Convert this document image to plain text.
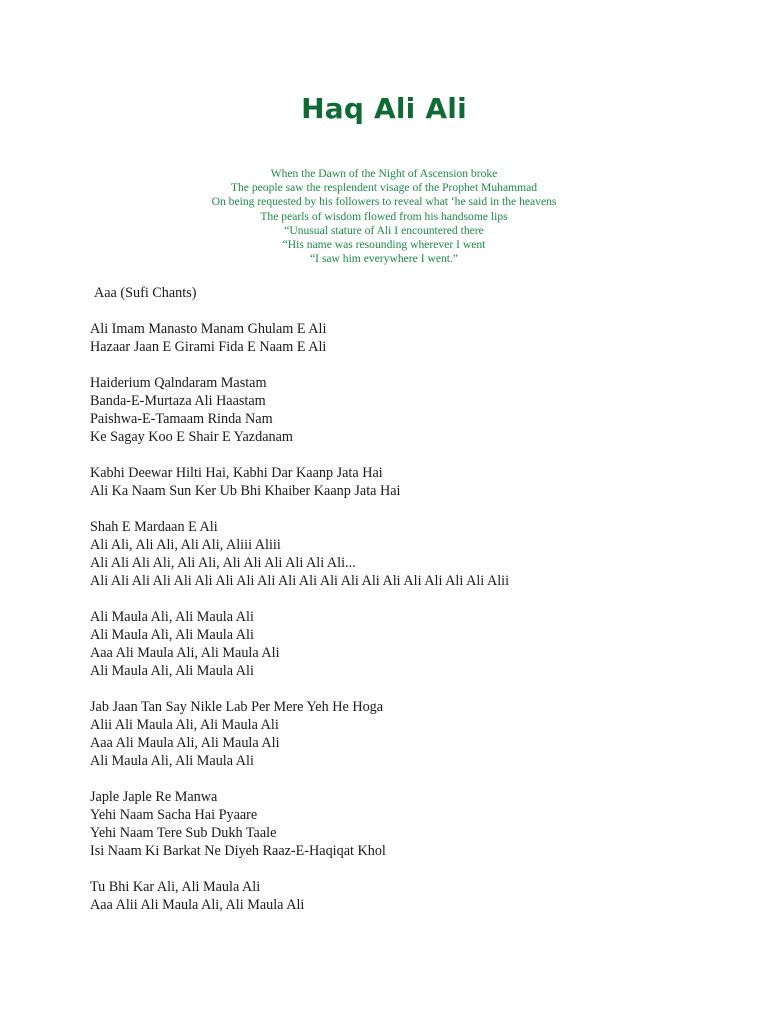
Haq Ali Ali
When the Dawn of the Night of Ascension broke
The people saw the resplendent visage of the Prophet Muhammad
On being requested by his followers to reveal what ‘he said in the heavens
The pearls of wisdom flowed from his handsome lips
“Unusual stature of Ali I encountered there
“His name was resounding wherever I went
“I saw him everywhere I went.”
Aaa (Sufi Chants)
Ali Imam Manasto Manam Ghulam E Ali
Hazaar Jaan E Girami Fida E Naam E Ali
Haiderium Qalndaram Mastam
Banda-E-Murtaza Ali Haastam
Paishwa-E-Tamaam Rinda Nam
Ke Sagay Koo E Shair E Yazdanam
Kabhi Deewar Hilti Hai, Kabhi Dar Kaanp Jata Hai
Ali Ka Naam Sun Ker Ub Bhi Khaiber Kaanp Jata Hai
Shah E Mardaan E Ali
Ali Ali, Ali Ali, Ali Ali, Aliii Aliii
Ali Ali Ali Ali, Ali Ali, Ali Ali Ali Ali Ali Ali...
Ali Ali Ali Ali Ali Ali Ali Ali Ali Ali Ali Ali Ali Ali Ali Ali Ali Ali Ali Alii
Ali Maula Ali, Ali Maula Ali
Ali Maula Ali, Ali Maula Ali
Aaa Ali Maula Ali, Ali Maula Ali
Ali Maula Ali, Ali Maula Ali
Jab Jaan Tan Say Nikle Lab Per Mere Yeh He Hoga
Alii Ali Maula Ali, Ali Maula Ali
Aaa Ali Maula Ali, Ali Maula Ali
Ali Maula Ali, Ali Maula Ali
Japle Japle Re Manwa
Yehi Naam Sacha Hai Pyaare
Yehi Naam Tere Sub Dukh Taale
Isi Naam Ki Barkat Ne Diyeh Raaz-E-Haqiqat Khol
Tu Bhi Kar Ali, Ali Maula Ali
Aaa Alii Ali Maula Ali, Ali Maula Ali
